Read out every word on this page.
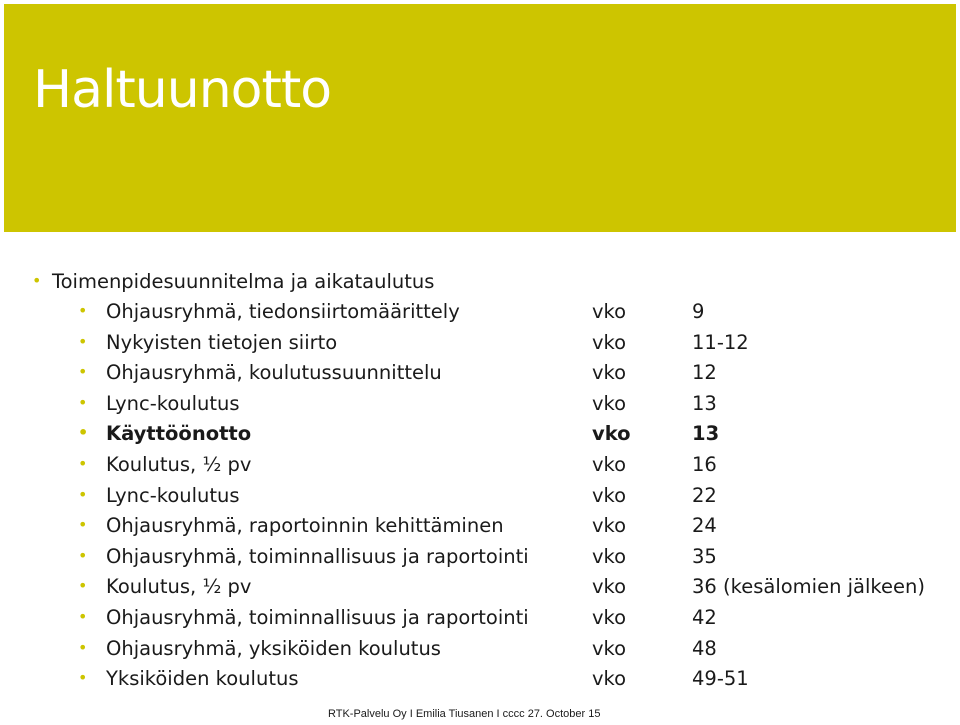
Haltuunotto
• Toimenpidesuunnitelma ja aikataulutus
• Ohjausryhmä, tiedonsiirtomäärittely	vko	9
• Nykyisten tietojen siirto	vko	11-12
• Ohjausryhmä, koulutussuunnittelu	vko	12
• Lync-koulutus	vko	13
• Käyttöönotto	vko	13
• Koulutus, ½ pv	vko	16
• Lync-koulutus	vko	22
• Ohjausryhmä, raportoinnin kehittäminen	vko	24
• Ohjausryhmä, toiminnallisuus ja raportointi	vko	35
• Koulutus, ½ pv	vko	36 (kesälomien jälkeen)
• Ohjausryhmä, toiminnallisuus ja raportointi	vko	42
• Ohjausryhmä, yksiköiden koulutus	vko	48
• Yksiköiden koulutus	vko	49-51
RTK-Palvelu Oy I Emilia Tiusanen I cccc 27. October 15
